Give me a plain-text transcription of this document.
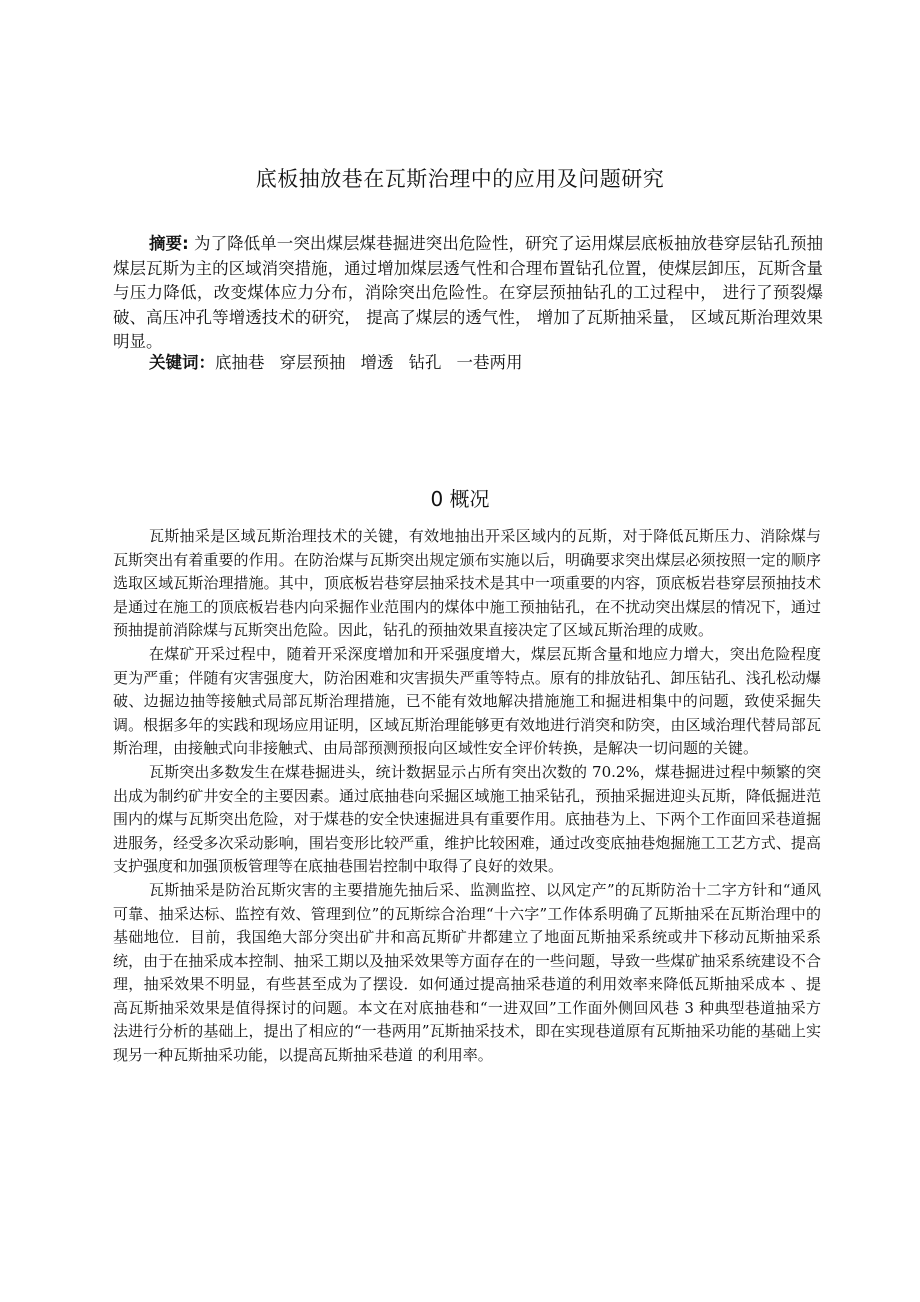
底板抽放巷在瓦斯治理中的应用及问题研究

摘要: 为了降低单一突出煤层煤巷掘进突出危险性，研究了运用煤层底板抽放巷穿层钻孔预抽煤层瓦斯为主的区域消突措施，通过增加煤层透气性和合理布置钻孔位置，使煤层卸压，瓦斯含量与压力降低，改变煤体应力分布，消除突出危险性。在穿层预抽钻孔的工过程中， 进行了预裂爆破、高压冲孔等增透技术的研究， 提高了煤层的透气性， 增加了瓦斯抽采量， 区域瓦斯治理效果明显。

关键词：底抽巷 穿层预抽 增透 钻孔 一巷两用

0 概况

瓦斯抽采是区域瓦斯治理技术的关键，有效地抽出开采区域内的瓦斯，对于降低瓦斯压力、消除煤与瓦斯突出有着重要的作用。在防治煤与瓦斯突出规定颁布实施以后，明确要求突出煤层必须按照一定的顺序选取区域瓦斯治理措施。其中，顶底板岩巷穿层抽采技术是其中一项重要的内容，顶底板岩巷穿层预抽技术是通过在施工的顶底板岩巷内向采掘作业范围内的煤体中施工预抽钻孔，在不扰动突出煤层的情况下，通过预抽提前消除煤与瓦斯突出危险。因此，钻孔的预抽效果直接决定了区域瓦斯治理的成败。

在煤矿开采过程中，随着开采深度增加和开采强度增大，煤层瓦斯含量和地应力增大，突出危险程度更为严重；伴随有灾害强度大，防治困难和灾害损失严重等特点。原有的排放钻孔、卸压钻孔、浅孔松动爆破、边掘边抽等接触式局部瓦斯治理措施，已不能有效地解决措施施工和掘进相集中的问题，致使采掘失调。根据多年的实践和现场应用证明，区域瓦斯治理能够更有效地进行消突和防突，由区域治理代替局部瓦斯治理，由接触式向非接触式、由局部预测预报向区域性安全评价转换，是解决一切问题的关键。

瓦斯突出多数发生在煤巷掘进头，统计数据显示占所有突出次数的 70.2%，煤巷掘进过程中频繁的突出成为制约矿井安全的主要因素。通过底抽巷向采掘区域施工抽采钻孔，预抽采掘进迎头瓦斯，降低掘进范围内的煤与瓦斯突出危险，对于煤巷的安全快速掘进具有重要作用。底抽巷为上、下两个工作面回采巷道掘进服务，经受多次采动影响，围岩变形比较严重，维护比较困难，通过改变底抽巷炮掘施工工艺方式、提高支护强度和加强顶板管理等在底抽巷围岩控制中取得了良好的效果。

瓦斯抽采是防治瓦斯灾害的主要措施先抽后采、监测监控、以风定产”的瓦斯防治十二字方针和“通风可靠、抽采达标、监控有效、管理到位”的瓦斯综合治理“十六字”工作体系明确了瓦斯抽采在瓦斯治理中的基础地位．目前，我国绝大部分突出矿井和高瓦斯矿井都建立了地面瓦斯抽采系统或井下移动瓦斯抽采系统，由于在抽采成本控制、抽采工期以及抽采效果等方面存在的一些问题，导致一些煤矿抽采系统建设不合理，抽采效果不明显，有些甚至成为了摆设．如何通过提高抽采巷道的利用效率来降低瓦斯抽采成本 、提高瓦斯抽采效果是值得探讨的问题。本文在对底抽巷和“一进双回”工作面外侧回风巷 3 种典型巷道抽采方法进行分析的基础上，提出了相应的“一巷两用”瓦斯抽采技术，即在实现巷道原有瓦斯抽采功能的基础上实现另一种瓦斯抽采功能，以提高瓦斯抽采巷道 的利用率。
